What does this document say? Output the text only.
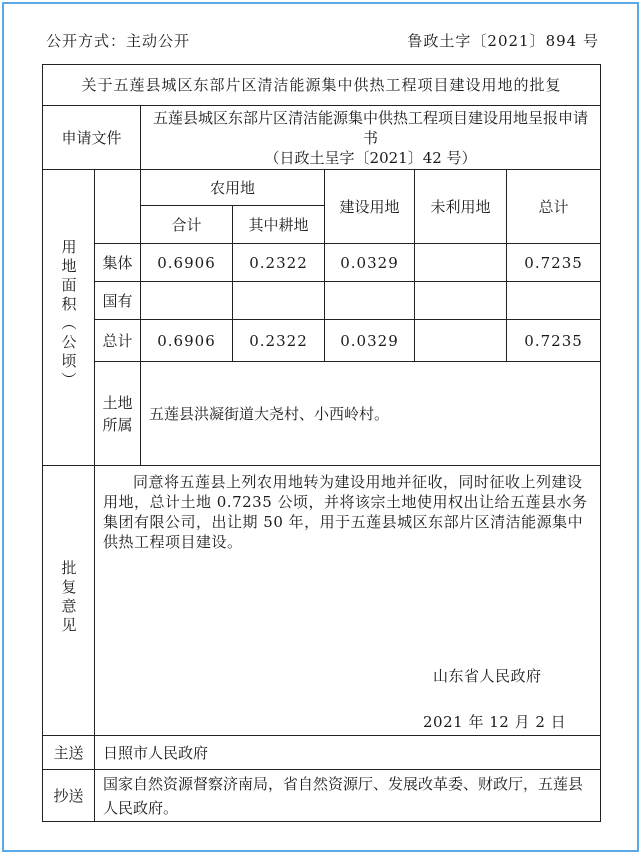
公开方式：主动公开	鲁政土字〔2021〕894 号
关于五莲县城区东部片区清洁能源集中供热工程项目建设用地的批复						
申请文件		五莲县城区东部片区清洁能源集中供热工程项目建设用地呈报申请书
（日政土呈字〔2021〕42 号）				

用地面积（公顷）		农用地		建设用地	未利用地	总计
		合计	其中耕地			
	集体	0.6906	0.2322	0.0329		0.7235
	国有					
	总计	0.6906	0.2322	0.0329		0.7235

	土地所属	五莲县洪凝街道大尧村、小西岭村。				
批复意见	同意将五莲县上列农用地转为建设用地并征收，同时征收上列建设用地，总计土地 0.7235 公顷，并将该宗土地使用权出让给五莲县水务集团有限公司，出让期 50 年，用于五莲县城区东部片区清洁能源集中供热工程项目建设。
山东省人民政府
2021 年 12 月 2 日					

主送	日照市人民政府					
抄送	国家自然资源督察济南局，省自然资源厅、发展改革委、财政厅，五莲县人民政府。					
